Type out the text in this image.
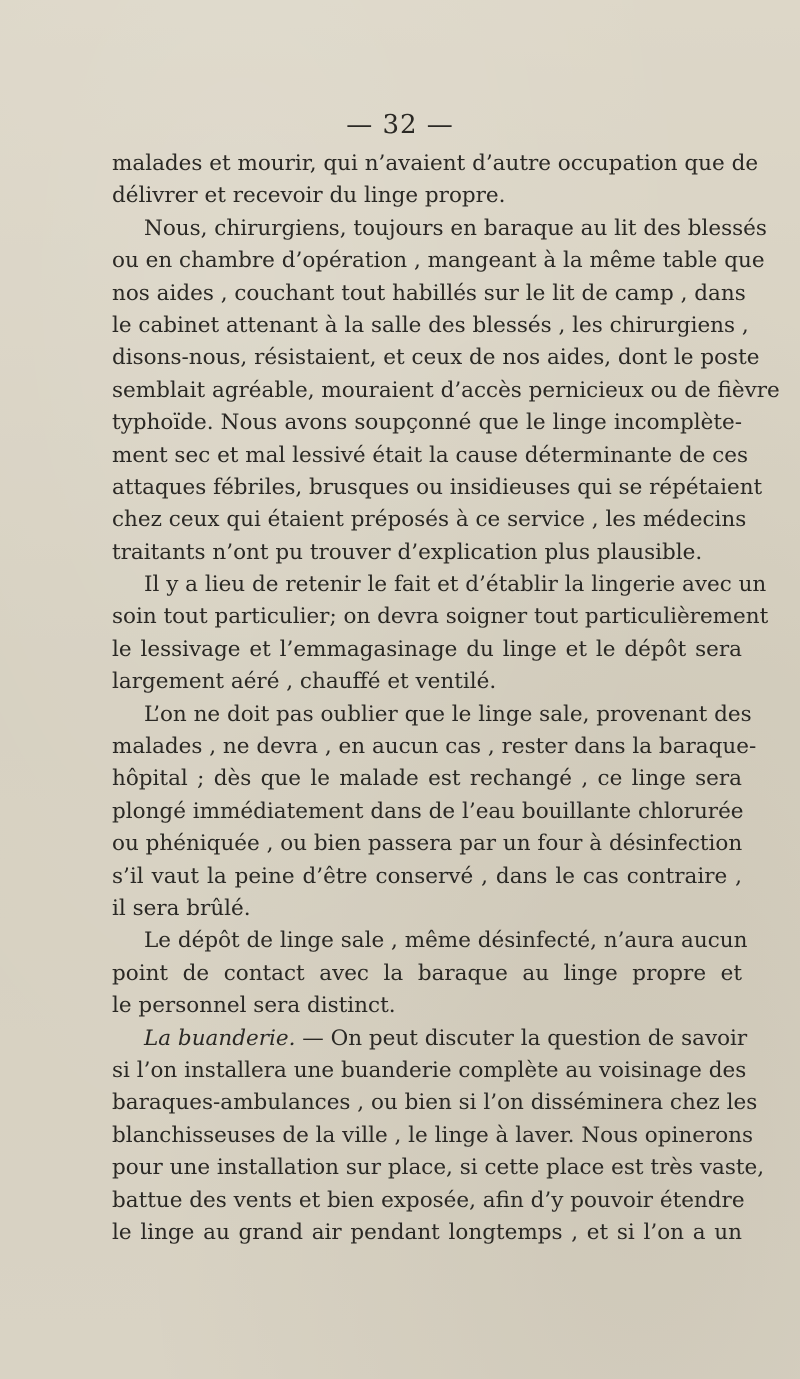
— 32 —
malades et mourir, qui n’avaient d’autre occupation que de
délivrer et recevoir du linge propre.
Nous, chirurgiens, toujours en baraque au lit des blessés
ou en chambre d’opération , mangeant à la même table que
nos aides , couchant tout habillés sur le lit de camp , dans
le cabinet attenant à la salle des blessés , les chirurgiens ,
disons-nous, résistaient, et ceux de nos aides, dont le poste
semblait agréable, mouraient d’accès pernicieux ou de fièvre
typhoïde. Nous avons soupçonné que le linge incomplète-
ment sec et mal lessivé était la cause déterminante de ces
attaques fébriles, brusques ou insidieuses qui se répétaient
chez ceux qui étaient préposés à ce service , les médecins
traitants n’ont pu trouver d’explication plus plausible.
Il y a lieu de retenir le fait et d’établir la lingerie avec un
soin tout particulier; on devra soigner tout particulièrement
le lessivage et l’emmagasinage du linge et le dépôt sera
largement aéré , chauffé et ventilé.
L’on ne doit pas oublier que le linge sale, provenant des
malades , ne devra , en aucun cas , rester dans la baraque-
hôpital ; dès que le malade est rechangé , ce linge sera
plongé immédiatement dans de l’eau bouillante chlorurée
ou phéniquée , ou bien passera par un four à désinfection
s’il vaut la peine d’être conservé , dans le cas contraire ,
il sera brûlé.
Le dépôt de linge sale , même désinfecté, n’aura aucun
point de contact avec la baraque au linge propre et
le personnel sera distinct.
La buanderie. — On peut discuter la question de savoir
si l’on installera une buanderie complète au voisinage des
baraques-ambulances , ou bien si l’on disséminera chez les
blanchisseuses de la ville , le linge à laver. Nous opinerons
pour une installation sur place, si cette place est très vaste,
battue des vents et bien exposée, afin d’y pouvoir étendre
le linge au grand air pendant longtemps , et si l’on a un
